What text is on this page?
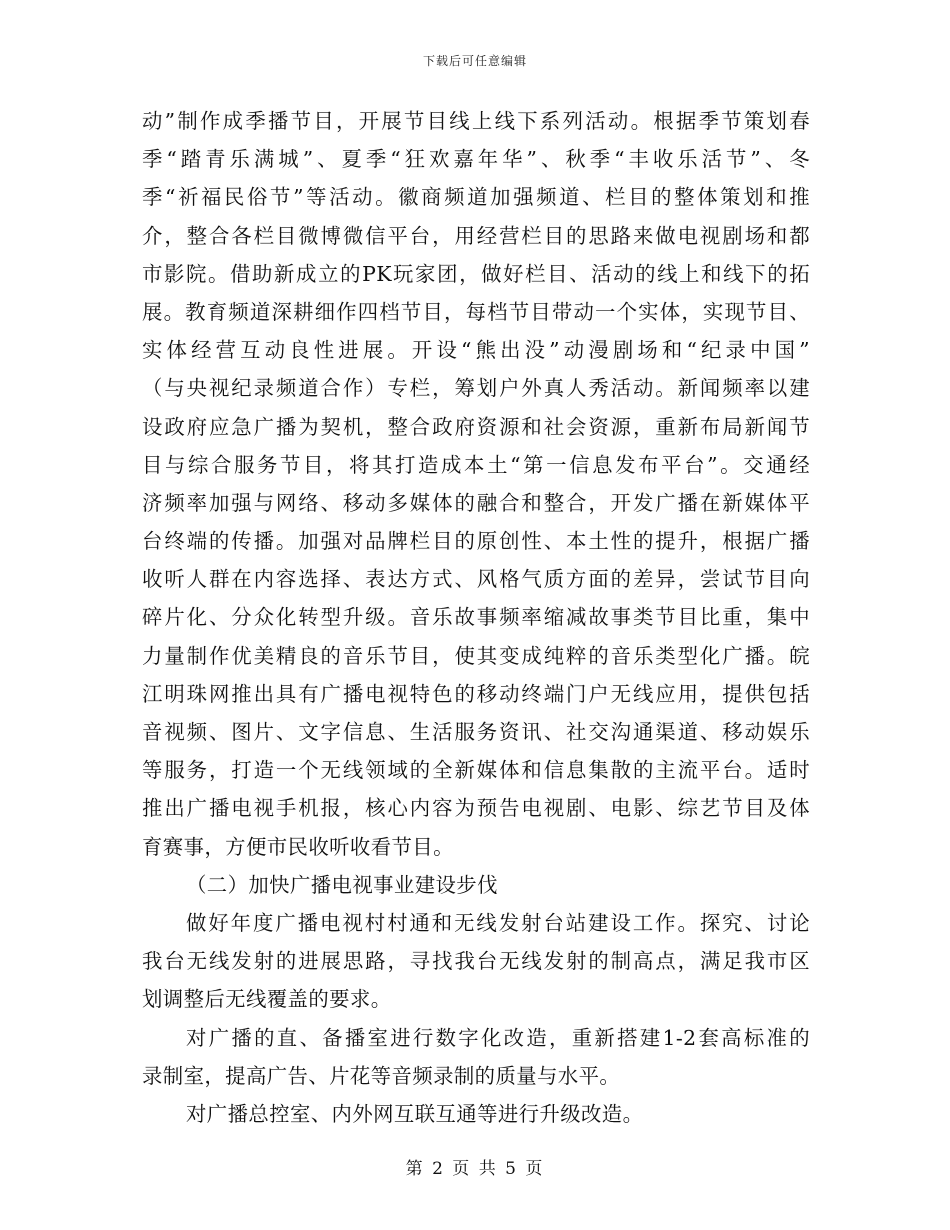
下载后可任意编辑
动”制作成季播节目，开展节目线上线下系列活动。根据季节策划春
季“踏青乐满城”、夏季“狂欢嘉年华”、秋季“丰收乐活节”、冬
季“祈福民俗节”等活动。徽商频道加强频道、栏目的整体策划和推
介，整合各栏目微博微信平台，用经营栏目的思路来做电视剧场和都
市影院。借助新成立的PK玩家团，做好栏目、活动的线上和线下的拓
展。教育频道深耕细作四档节目，每档节目带动一个实体，实现节目、
实体经营互动良性进展。开设“熊出没”动漫剧场和“纪录中国”
（与央视纪录频道合作）专栏，筹划户外真人秀活动。新闻频率以建
设政府应急广播为契机，整合政府资源和社会资源，重新布局新闻节
目与综合服务节目，将其打造成本土“第一信息发布平台”。交通经
济频率加强与网络、移动多媒体的融合和整合，开发广播在新媒体平
台终端的传播。加强对品牌栏目的原创性、本土性的提升，根据广播
收听人群在内容选择、表达方式、风格气质方面的差异，尝试节目向
碎片化、分众化转型升级。音乐故事频率缩减故事类节目比重，集中
力量制作优美精良的音乐节目，使其变成纯粹的音乐类型化广播。皖
江明珠网推出具有广播电视特色的移动终端门户无线应用，提供包括
音视频、图片、文字信息、生活服务资讯、社交沟通渠道、移动娱乐
等服务，打造一个无线领域的全新媒体和信息集散的主流平台。适时
推出广播电视手机报，核心内容为预告电视剧、电影、综艺节目及体
育赛事，方便市民收听收看节目。
（二）加快广播电视事业建设步伐
做好年度广播电视村村通和无线发射台站建设工作。探究、讨论
我台无线发射的进展思路，寻找我台无线发射的制高点，满足我市区
划调整后无线覆盖的要求。
对广播的直、备播室进行数字化改造，重新搭建1-2套高标准的
录制室，提高广告、片花等音频录制的质量与水平。
对广播总控室、内外网互联互通等进行升级改造。
第 2 页 共 5 页
